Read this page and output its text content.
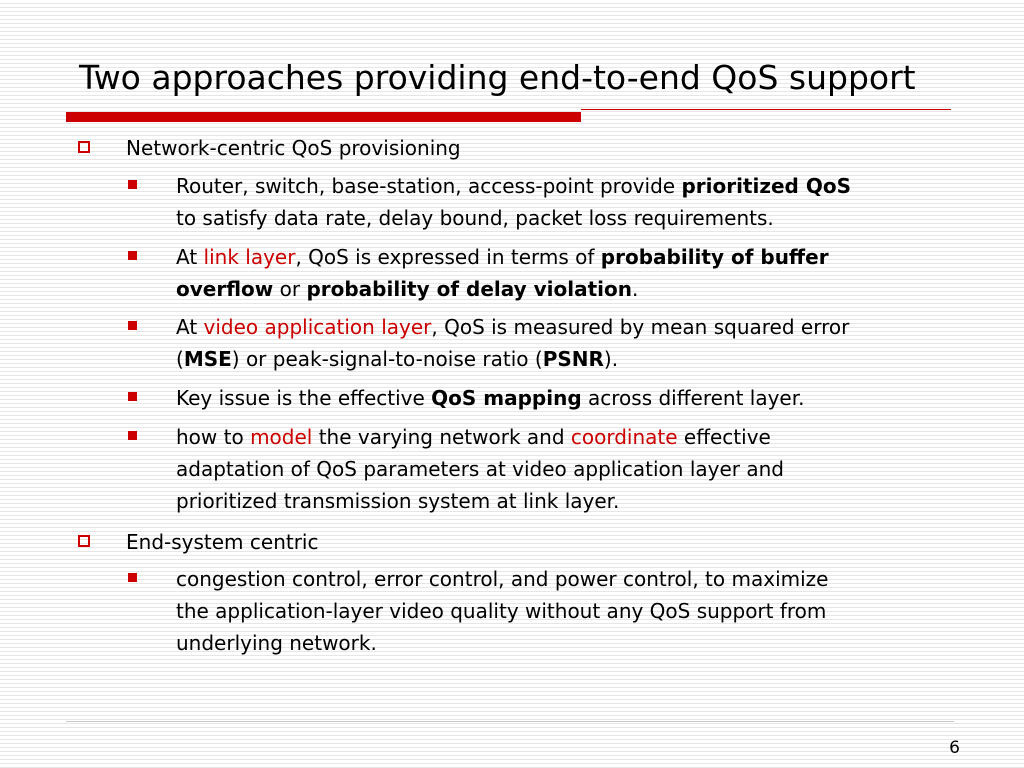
Two approaches providing end-to-end QoS support
Network-centric QoS provisioning
Router, switch, base-station, access-point provide prioritized QoS
to satisfy data rate, delay bound, packet loss requirements.
At link layer, QoS is expressed in terms of probability of buffer
overflow or probability of delay violation.
At video application layer, QoS is measured by mean squared error
(MSE) or peak-signal-to-noise ratio (PSNR).
Key issue is the effective QoS mapping across different layer.
how to model the varying network and coordinate effective
adaptation of QoS parameters at video application layer and
prioritized transmission system at link layer.
End-system centric
congestion control, error control, and power control, to maximize
the application-layer video quality without any QoS support from
underlying network.
6
